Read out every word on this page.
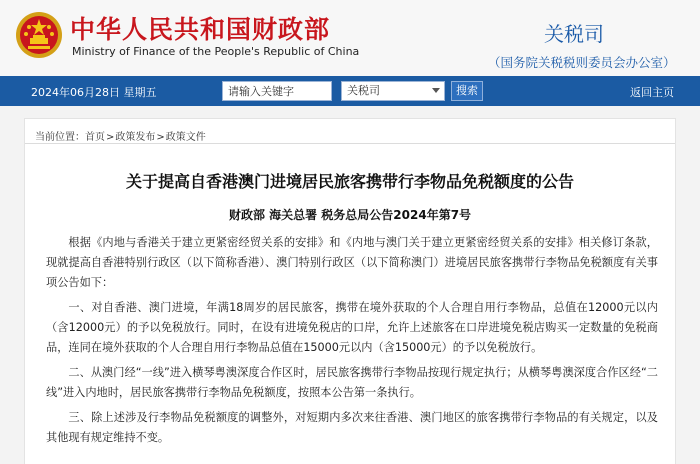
中华人民共和国财政部
Ministry of Finance of the People's Republic of China
关税司
（国务院关税税则委员会办公室）
2024年06月28日 星期五
请输入关键字	关税司	搜索	返回主页
当前位置：首页>政策发布>政策文件
关于提高自香港澳门进境居民旅客携带行李物品免税额度的公告
财政部 海关总署 税务总局公告2024年第7号

根据《内地与香港关于建立更紧密经贸关系的安排》和《内地与澳门关于建立更紧密经贸关系的安排》相关修订条款，现就提高自香港特别行政区（以下简称香港）、澳门特别行政区（以下简称澳门）进境居民旅客携带行李物品免税额度有关事项公告如下：

一、对自香港、澳门进境，年满18周岁的居民旅客，携带在境外获取的个人合理自用行李物品，总值在12000元以内（含12000元）的予以免税放行。同时，在设有进境免税店的口岸，允许上述旅客在口岸进境免税店购买一定数量的免税商品，连同在境外获取的个人合理自用行李物品总值在15000元以内（含15000元）的予以免税放行。

二、从澳门经“一线”进入横琴粤澳深度合作区时，居民旅客携带行李物品按现行规定执行；从横琴粤澳深度合作区经“二线”进入内地时，居民旅客携带行李物品免税额度，按照本公告第一条执行。

三、除上述涉及行李物品免税额度的调整外，对短期内多次来往香港、澳门地区的旅客携带行李物品的有关规定，以及其他现有规定维持不变。
